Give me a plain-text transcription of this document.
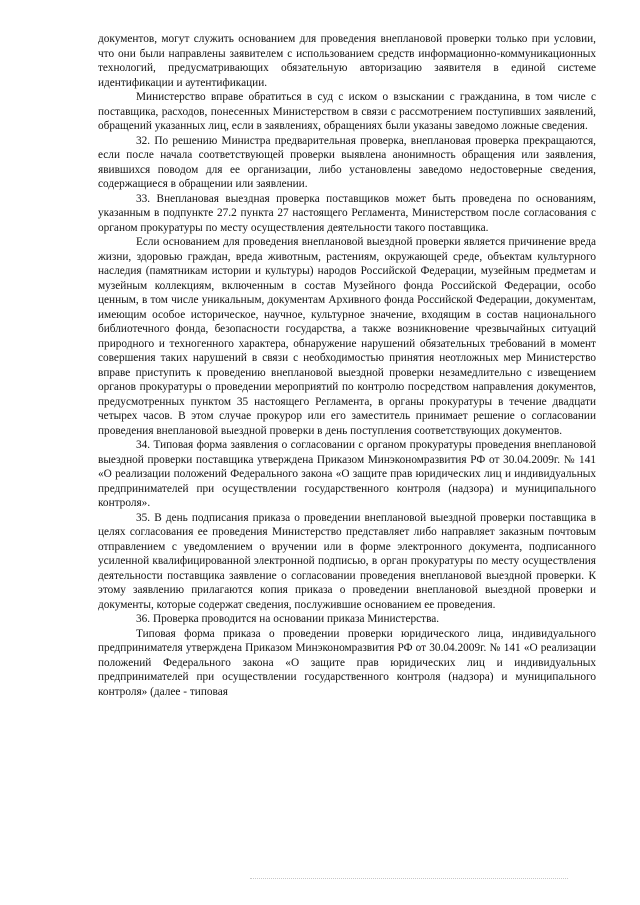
документов, могут служить основанием для проведения внеплановой проверки только при условии, что они были направлены заявителем с использованием средств информационно-коммуникационных технологий, предусматривающих обязательную авторизацию заявителя в единой системе идентификации и аутентификации.

Министерство вправе обратиться в суд с иском о взыскании с гражданина, в том числе с поставщика, расходов, понесенных Министерством в связи с рассмотрением поступивших заявлений, обращений указанных лиц, если в заявлениях, обращениях были указаны заведомо ложные сведения.

32. По решению Министра предварительная проверка, внеплановая проверка прекращаются, если после начала соответствующей проверки выявлена анонимность обращения или заявления, явившихся поводом для ее организации, либо установлены заведомо недостоверные сведения, содержащиеся в обращении или заявлении.

33. Внеплановая выездная проверка поставщиков может быть проведена по основаниям, указанным в подпункте 27.2 пункта 27 настоящего Регламента, Министерством после согласования с органом прокуратуры по месту осуществления деятельности такого поставщика.

Если основанием для проведения внеплановой выездной проверки является причинение вреда жизни, здоровью граждан, вреда животным, растениям, окружающей среде, объектам культурного наследия (памятникам истории и культуры) народов Российской Федерации, музейным предметам и музейным коллекциям, включенным в состав Музейного фонда Российской Федерации, особо ценным, в том числе уникальным, документам Архивного фонда Российской Федерации, документам, имеющим особое историческое, научное, культурное значение, входящим в состав национального библиотечного фонда, безопасности государства, а также возникновение чрезвычайных ситуаций природного и техногенного характера, обнаружение нарушений обязательных требований в момент совершения таких нарушений в связи с необходимостью принятия неотложных мер Министерство вправе приступить к проведению внеплановой выездной проверки незамедлительно с извещением органов прокуратуры о проведении мероприятий по контролю посредством направления документов, предусмотренных пунктом 35 настоящего Регламента, в органы прокуратуры в течение двадцати четырех часов. В этом случае прокурор или его заместитель принимает решение о согласовании проведения внеплановой выездной проверки в день поступления соответствующих документов.

34. Типовая форма заявления о согласовании с органом прокуратуры проведения внеплановой выездной проверки поставщика утверждена Приказом Минэкономразвития РФ от 30.04.2009г. № 141 «О реализации положений Федерального закона «О защите прав юридических лиц и индивидуальных предпринимателей при осуществлении государственного контроля (надзора) и муниципального контроля».

35. В день подписания приказа о проведении внеплановой выездной проверки поставщика в целях согласования ее проведения Министерство представляет либо направляет заказным почтовым отправлением с уведомлением о вручении или в форме электронного документа, подписанного усиленной квалифицированной электронной подписью, в орган прокуратуры по месту осуществления деятельности поставщика заявление о согласовании проведения внеплановой выездной проверки. К этому заявлению прилагаются копия приказа о проведении внеплановой выездной проверки и документы, которые содержат сведения, послужившие основанием ее проведения.

36. Проверка проводится на основании приказа Министерства.

Типовая форма приказа о проведении проверки юридического лица, индивидуального предпринимателя утверждена Приказом Минэкономразвития РФ от 30.04.2009г. № 141 «О реализации положений Федерального закона «О защите прав юридических лиц и индивидуальных предпринимателей при осуществлении государственного контроля (надзора) и муниципального контроля» (далее - типовая
